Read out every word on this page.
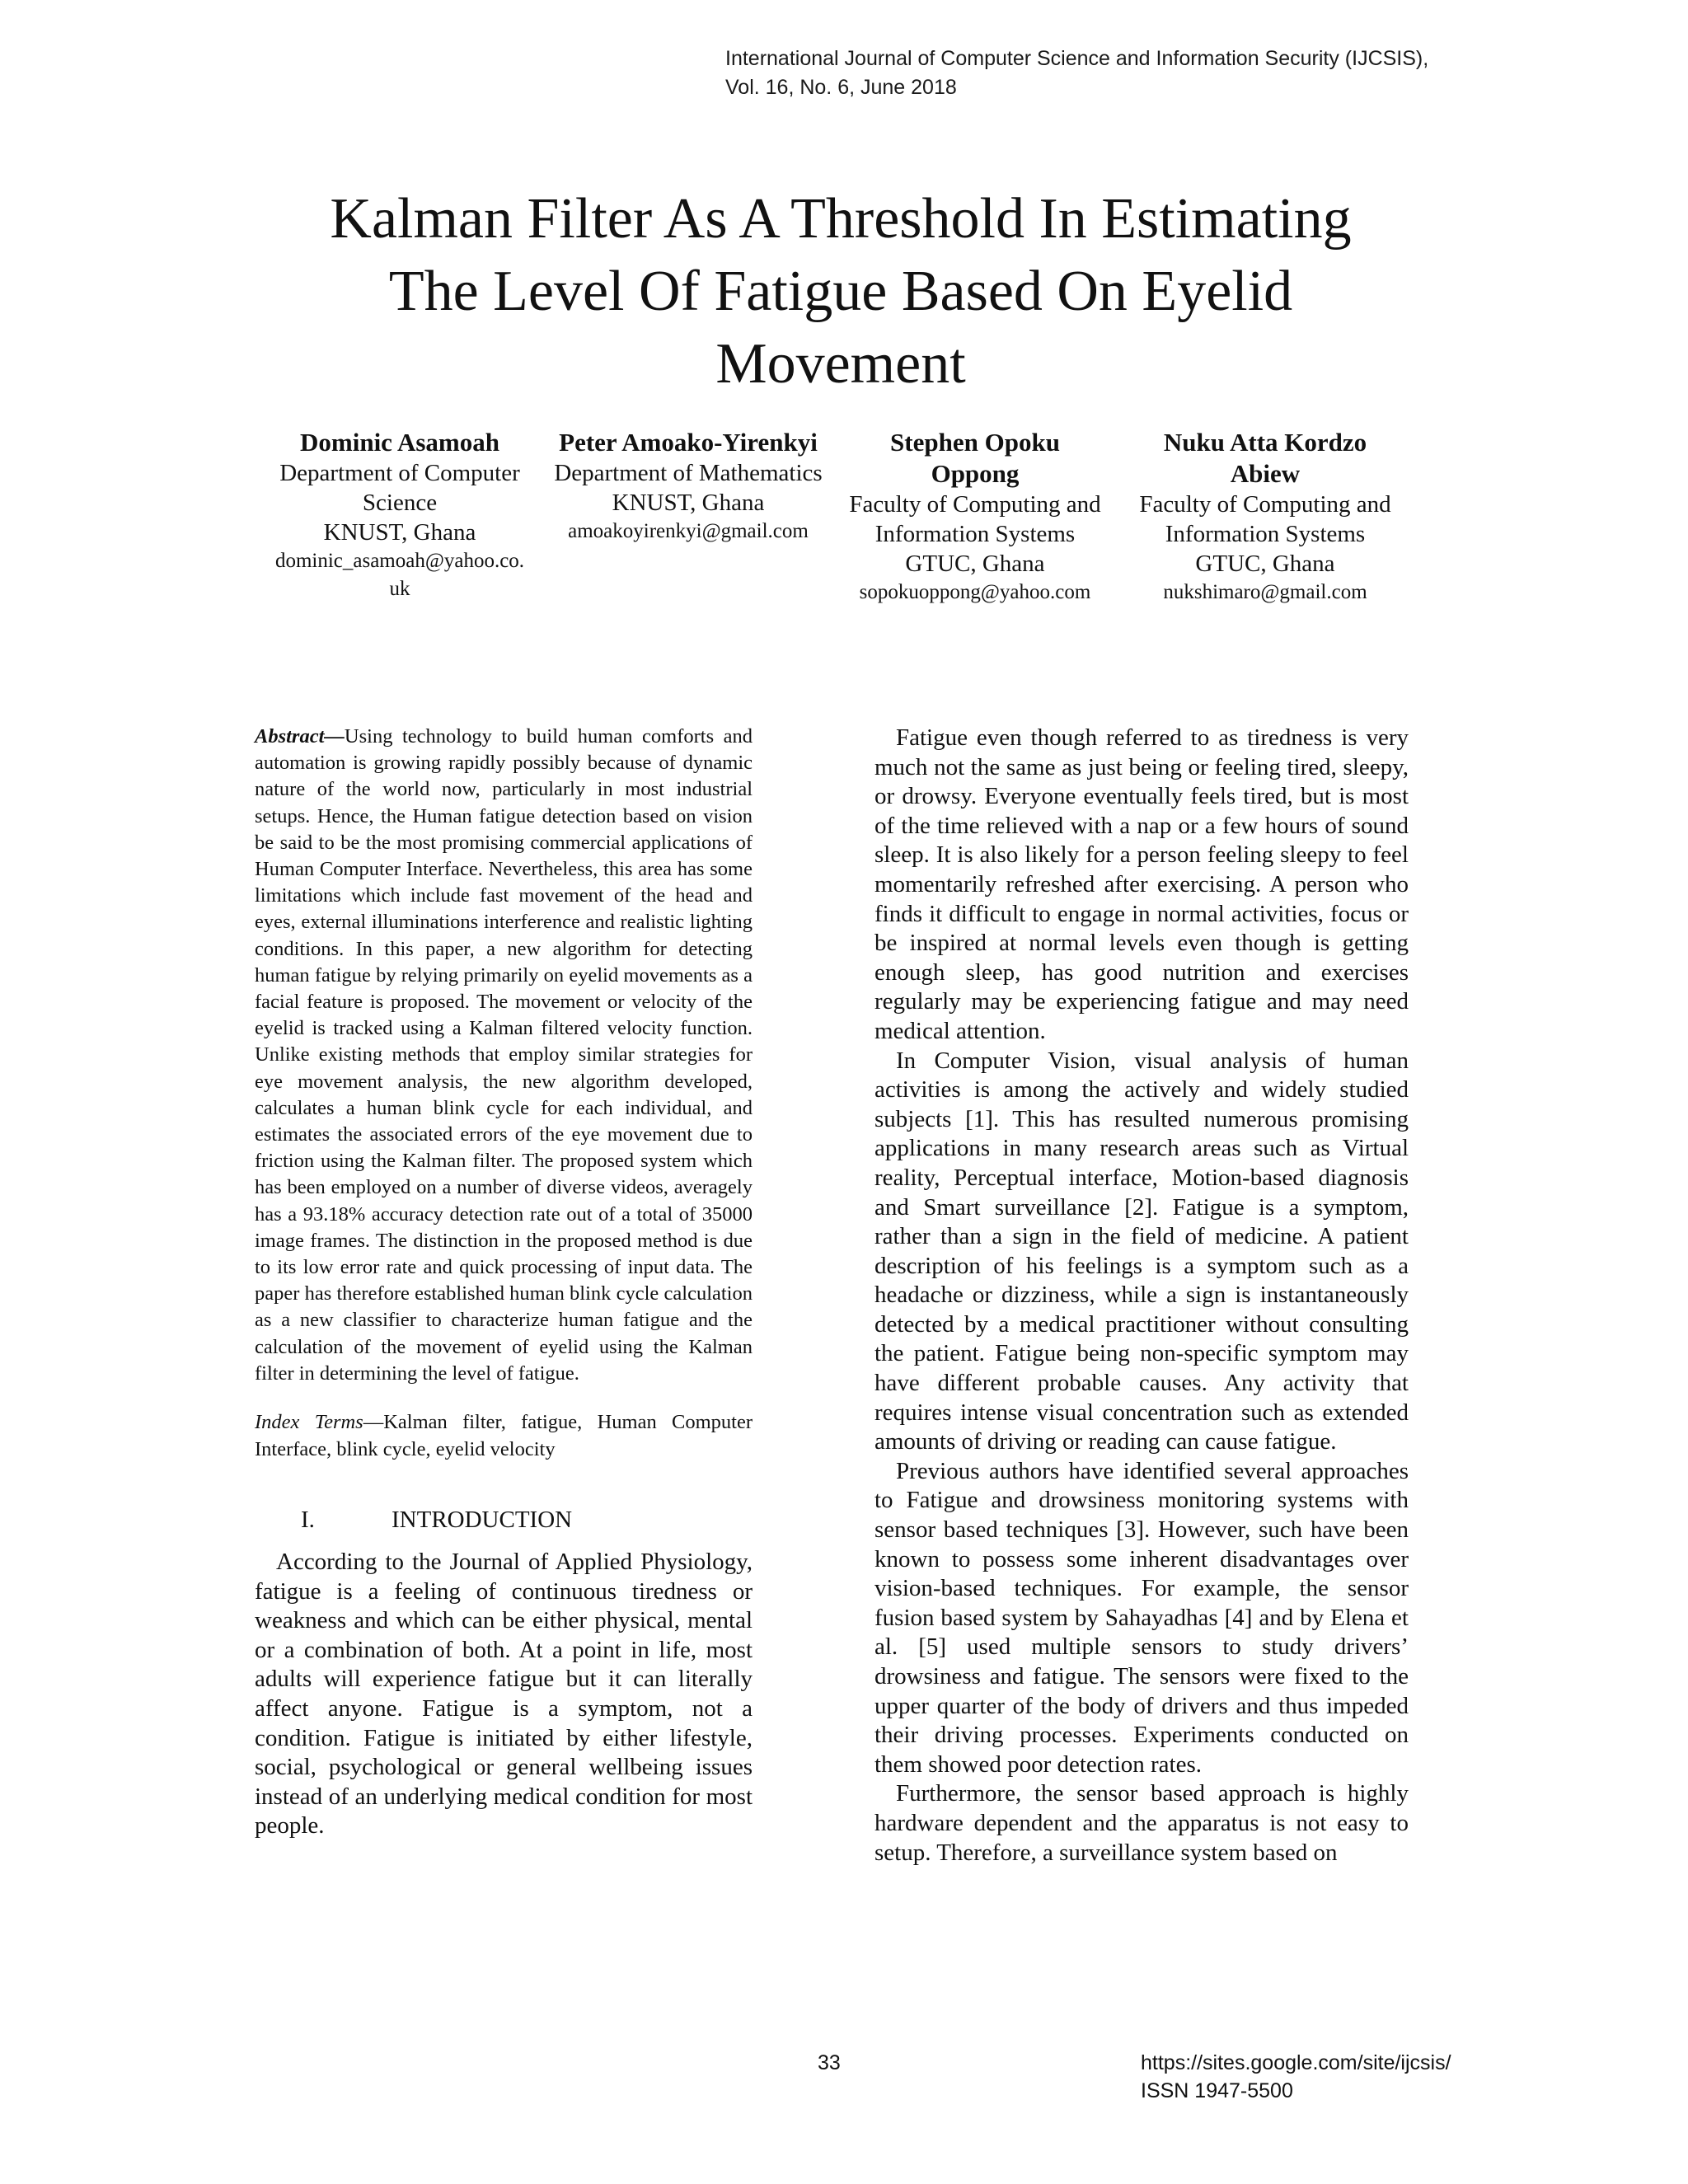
International Journal of Computer Science and Information Security (IJCSIS),
Vol. 16, No. 6, June 2018
Kalman Filter As A Threshold In Estimating
The Level Of Fatigue Based On Eyelid
Movement
Dominic Asamoah
Department of Computer
Science
KNUST, Ghana
dominic_asamoah@yahoo.co.
uk
Peter Amoako-Yirenkyi
Department of Mathematics
KNUST, Ghana
amoakoyirenkyi@gmail.com
Stephen Opoku
Oppong
Faculty of Computing and
Information Systems
GTUC, Ghana
sopokuoppong@yahoo.com
Nuku Atta Kordzo
Abiew
Faculty of Computing and
Information Systems
GTUC, Ghana
nukshimaro@gmail.com

Abstract—Using technology to build human comforts and automation is growing rapidly possibly because of dynamic nature of the world now, particularly in most industrial setups. Hence, the Human fatigue detection based on vision be said to be the most promising commercial applications of Human Computer Interface. Nevertheless, this area has some limitations which include fast movement of the head and eyes, external illuminations interference and realistic lighting conditions. In this paper, a new algorithm for detecting human fatigue by relying primarily on eyelid movements as a facial feature is proposed. The movement or velocity of the eyelid is tracked using a Kalman filtered velocity function. Unlike existing methods that employ similar strategies for eye movement analysis, the new algorithm developed, calculates a human blink cycle for each individual, and estimates the associated errors of the eye movement due to friction using the Kalman filter. The proposed system which has been employed on a number of diverse videos, averagely has a 93.18% accuracy detection rate out of a total of 35000 image frames. The distinction in the proposed method is due to its low error rate and quick processing of input data. The paper has therefore established human blink cycle calculation as a new classifier to characterize human fatigue and the calculation of the movement of eyelid using the Kalman filter in determining the level of fatigue.

Index Terms—Kalman filter, fatigue, Human Computer Interface, blink cycle, eyelid velocity
I.	INTRODUCTION

According to the Journal of Applied Physiology, fatigue is a feeling of continuous tiredness or weakness and which can be either physical, mental or a combination of both. At a point in life, most adults will experience fatigue but it can literally affect anyone. Fatigue is a symptom, not a condition. Fatigue is initiated by either lifestyle, social, psychological or general wellbeing issues instead of an underlying medical condition for most people.

Fatigue even though referred to as tiredness is very much not the same as just being or feeling tired, sleepy, or drowsy. Everyone eventually feels tired, but is most of the time relieved with a nap or a few hours of sound sleep. It is also likely for a person feeling sleepy to feel momentarily refreshed after exercising. A person who finds it difficult to engage in normal activities, focus or be inspired at normal levels even though is getting enough sleep, has good nutrition and exercises regularly may be experiencing fatigue and may need medical attention.

In Computer Vision, visual analysis of human activities is among the actively and widely studied subjects [1]. This has resulted numerous promising applications in many research areas such as Virtual reality, Perceptual interface, Motion-based diagnosis and Smart surveillance [2]. Fatigue is a symptom, rather than a sign in the field of medicine. A patient description of his feelings is a symptom such as a headache or dizziness, while a sign is instantaneously detected by a medical practitioner without consulting the patient. Fatigue being non-specific symptom may have different probable causes. Any activity that requires intense visual concentration such as extended amounts of driving or reading can cause fatigue.

Previous authors have identified several approaches to Fatigue and drowsiness monitoring systems with sensor based techniques [3]. However, such have been known to possess some inherent disadvantages over vision-based techniques. For example, the sensor fusion based system by Sahayadhas [4] and by Elena et al. [5] used multiple sensors to study drivers’ drowsiness and fatigue. The sensors were fixed to the upper quarter of the body of drivers and thus impeded their driving processes. Experiments conducted on them showed poor detection rates.

Furthermore, the sensor based approach is highly hardware dependent and the apparatus is not easy to setup. Therefore, a surveillance system based on

33	https://sites.google.com/site/ijcsis/
ISSN 1947-5500
